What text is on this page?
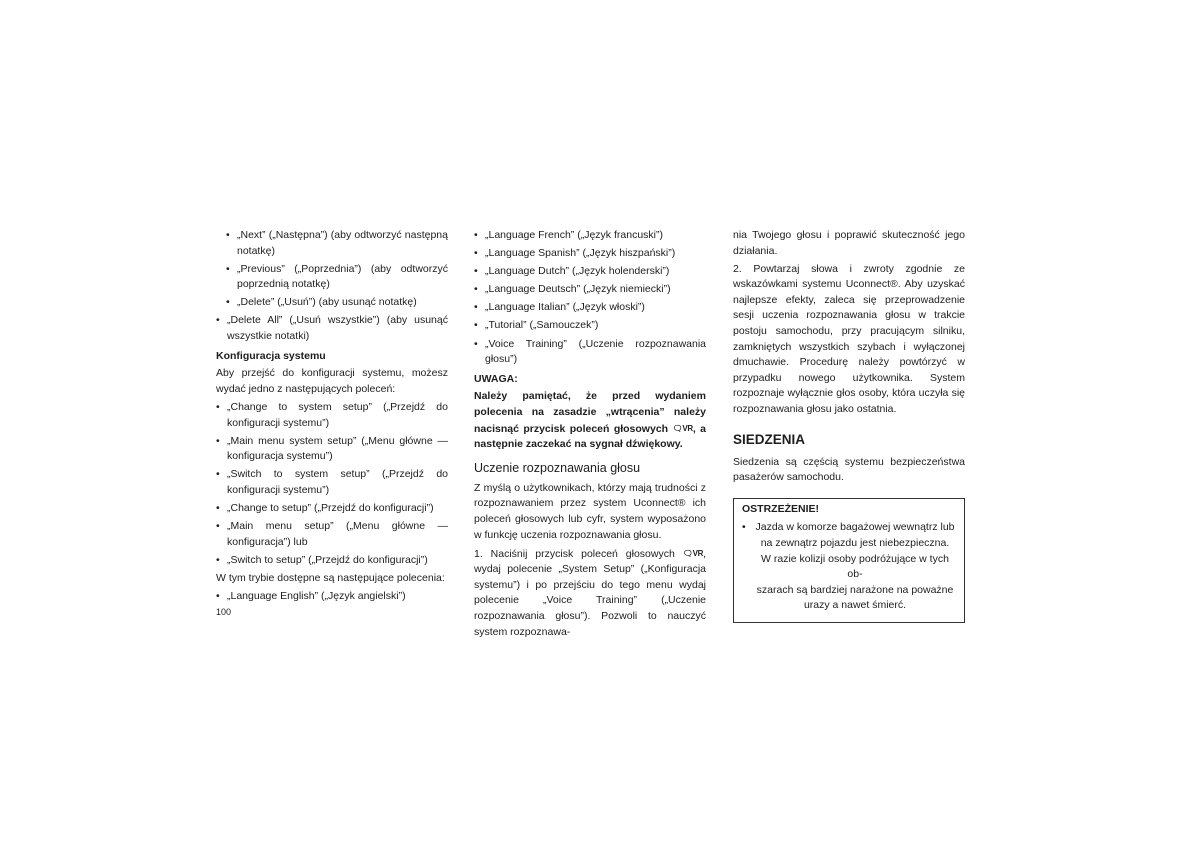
• „Next” („Następna”) (aby odtworzyć następną notatkę)
• „Previous” („Poprzednia”) (aby odtworzyć poprzednią notatkę)
• „Delete” („Usuń”) (aby usunąć notatkę)
• „Delete All” („Usuń wszystkie”) (aby usunąć wszystkie notatki)
Konfiguracja systemu

Aby przejść do konfiguracji systemu, możesz wydać jedno z następujących poleceń:

• „Change to system setup” („Przejdź do konfiguracji systemu”)
• „Main menu system setup” („Menu główne — konfiguracja systemu”)
• „Switch to system setup” („Przejdź do konfiguracji systemu”)
• „Change to setup” („Przejdź do konfiguracji”)
• „Main menu setup” („Menu główne — konfiguracja”) lub
• „Switch to setup” („Przejdź do konfiguracji”)

W tym trybie dostępne są następujące polecenia:

• „Language English” („Język angielski”)
• „Language French” („Język francuski”)
• „Language Spanish” („Język hiszpański”)
• „Language Dutch” („Język holenderski”)
• „Language Deutsch” („Język niemiecki”)
• „Language Italian” („Język włoski”)
• „Tutorial” („Samouczek”)
• „Voice Training” („Uczenie rozpoznawania głosu”)
UWAGA:

Należy pamiętać, że przed wydaniem polecenia na zasadzie „wtrącenia” należy nacisnąć przycisk poleceń głosowych 🗨VR, a następnie zaczekać na sygnał dźwiękowy.

Uczenie rozpoznawania głosu

Z myślą o użytkownikach, którzy mają trudności z rozpoznawaniem przez system Uconnect® ich poleceń głosowych lub cyfr, system wyposażono w funkcję uczenia rozpoznawania głosu.

1. Naciśnij przycisk poleceń głosowych 🗨VR, wydaj polecenie „System Setup” („Konfiguracja systemu”) i po przejściu do tego menu wydaj polecenie „Voice Training” („Uczenie rozpoznawania głosu”). Pozwoli to nauczyć system rozpoznawa-

nia Twojego głosu i poprawić skuteczność jego działania.

2. Powtarzaj słowa i zwroty zgodnie ze wskazówkami systemu Uconnect®. Aby uzyskać najlepsze efekty, zaleca się przeprowadzenie sesji uczenia rozpoznawania głosu w trakcie postoju samochodu, przy pracującym silniku, zamkniętych wszystkich szybach i wyłączonej dmuchawie. Procedurę należy powtórzyć w przypadku nowego użytkownika. System rozpoznaje wyłącznie głos osoby, która uczyła się rozpoznawania głosu jako ostatnia.

SIEDZENIA

Siedzenia są częścią systemu bezpieczeństwa pasażerów samochodu.

OSTRZEŻENIE!
• Jazda w komorze bagażowej wewnątrz lub
na zewnątrz pojazdu jest niebezpieczna.
W razie kolizji osoby podróżujące w tych ob-
szarach są bardziej narażone na poważne
urazy a nawet śmierć.
100
